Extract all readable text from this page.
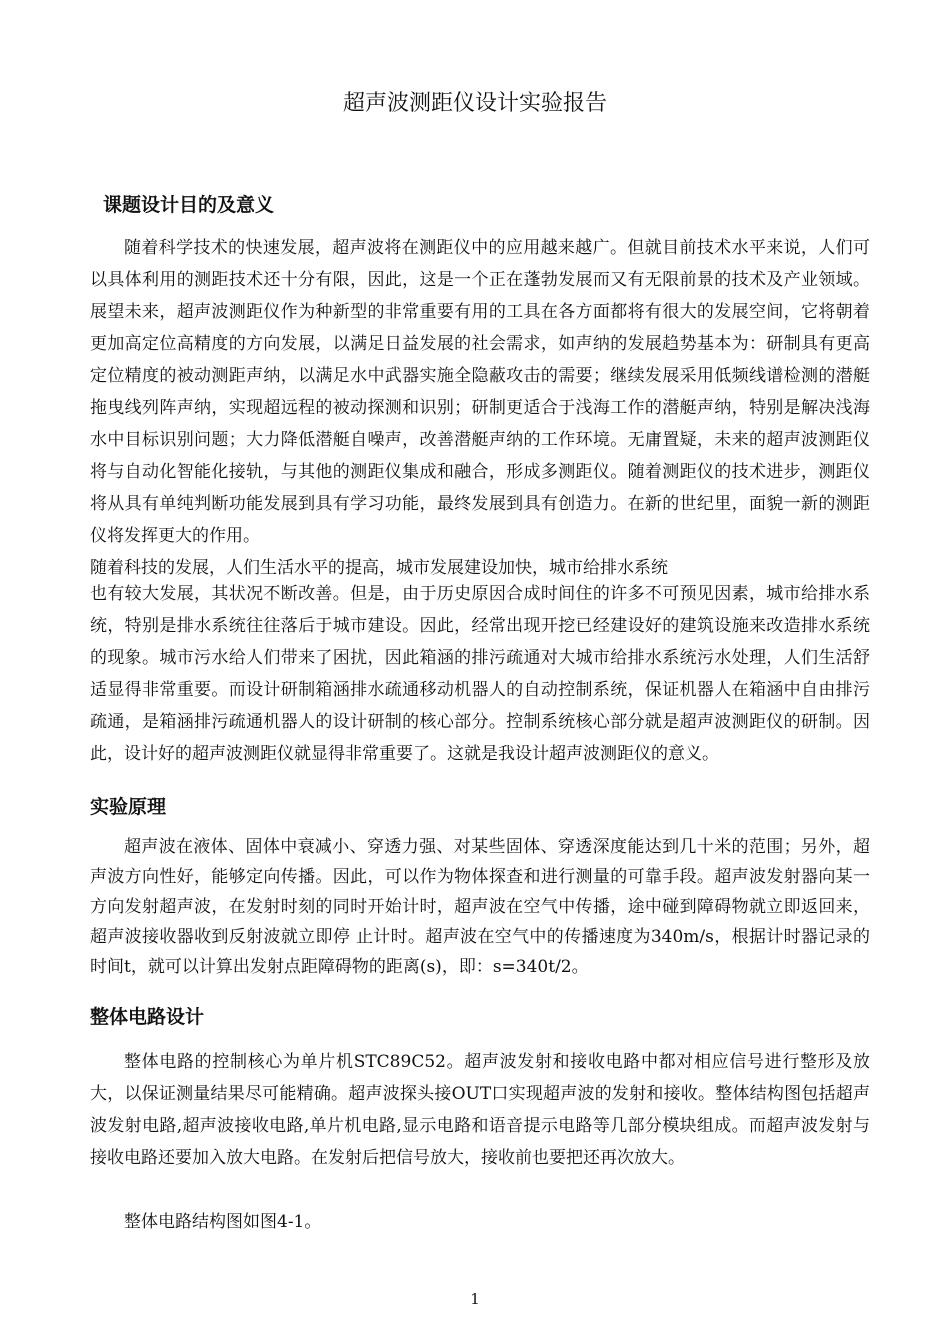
超声波测距仪设计实验报告
课题设计目的及意义

随着科学技术的快速发展，超声波将在测距仪中的应用越来越广。但就目前技术水平来说，人们可以具体利用的测距技术还十分有限，因此，这是一个正在蓬勃发展而又有无限前景的技术及产业领域。展望未来，超声波测距仪作为种新型的非常重要有用的工具在各方面都将有很大的发展空间，它将朝着更加高定位高精度的方向发展，以满足日益发展的社会需求，如声纳的发展趋势基本为：研制具有更高定位精度的被动测距声纳，以满足水中武器实施全隐蔽攻击的需要；继续发展采用低频线谱检测的潜艇拖曳线列阵声纳，实现超远程的被动探测和识别；研制更适合于浅海工作的潜艇声纳，特别是解决浅海水中目标识别问题；大力降低潜艇自噪声，改善潜艇声纳的工作环境。无庸置疑，未来的超声波测距仪将与自动化智能化接轨，与其他的测距仪集成和融合，形成多测距仪。随着测距仪的技术进步，测距仪将从具有单纯判断功能发展到具有学习功能，最终发展到具有创造力。在新的世纪里，面貌一新的测距仪将发挥更大的作用。

随着科技的发展，人们生活水平的提高，城市发展建设加快，城市给排水系统

也有较大发展，其状况不断改善。但是，由于历史原因合成时间住的许多不可预见因素，城市给排水系统，特别是排水系统往往落后于城市建设。因此，经常出现开挖已经建设好的建筑设施来改造排水系统的现象。城市污水给人们带来了困扰，因此箱涵的排污疏通对大城市给排水系统污水处理，人们生活舒适显得非常重要。而设计研制箱涵排水疏通移动机器人的自动控制系统，保证机器人在箱涵中自由排污疏通，是箱涵排污疏通机器人的设计研制的核心部分。控制系统核心部分就是超声波测距仪的研制。因此，设计好的超声波测距仪就显得非常重要了。这就是我设计超声波测距仪的意义。

实验原理

超声波在液体、固体中衰减小、穿透力强、对某些固体、穿透深度能达到几十米的范围；另外，超声波方向性好，能够定向传播。因此，可以作为物体探查和进行测量的可靠手段。超声波发射器向某一方向发射超声波，在发射时刻的同时开始计时，超声波在空气中传播，途中碰到障碍物就立即返回来，超声波接收器收到反射波就立即停 止计时。超声波在空气中的传播速度为340m/s，根据计时器记录的时间t，就可以计算出发射点距障碍物的距离(s)，即：s=340t/2。

整体电路设计

整体电路的控制核心为单片机STC89C52。超声波发射和接收电路中都对相应信号进行整形及放大，以保证测量结果尽可能精确。超声波探头接OUT口实现超声波的发射和接收。整体结构图包括超声波发射电路,超声波接收电路,单片机电路,显示电路和语音提示电路等几部分模块组成。而超声波发射与接收电路还要加入放大电路。在发射后把信号放大，接收前也要把还再次放大。

整体电路结构图如图4-1。

1
